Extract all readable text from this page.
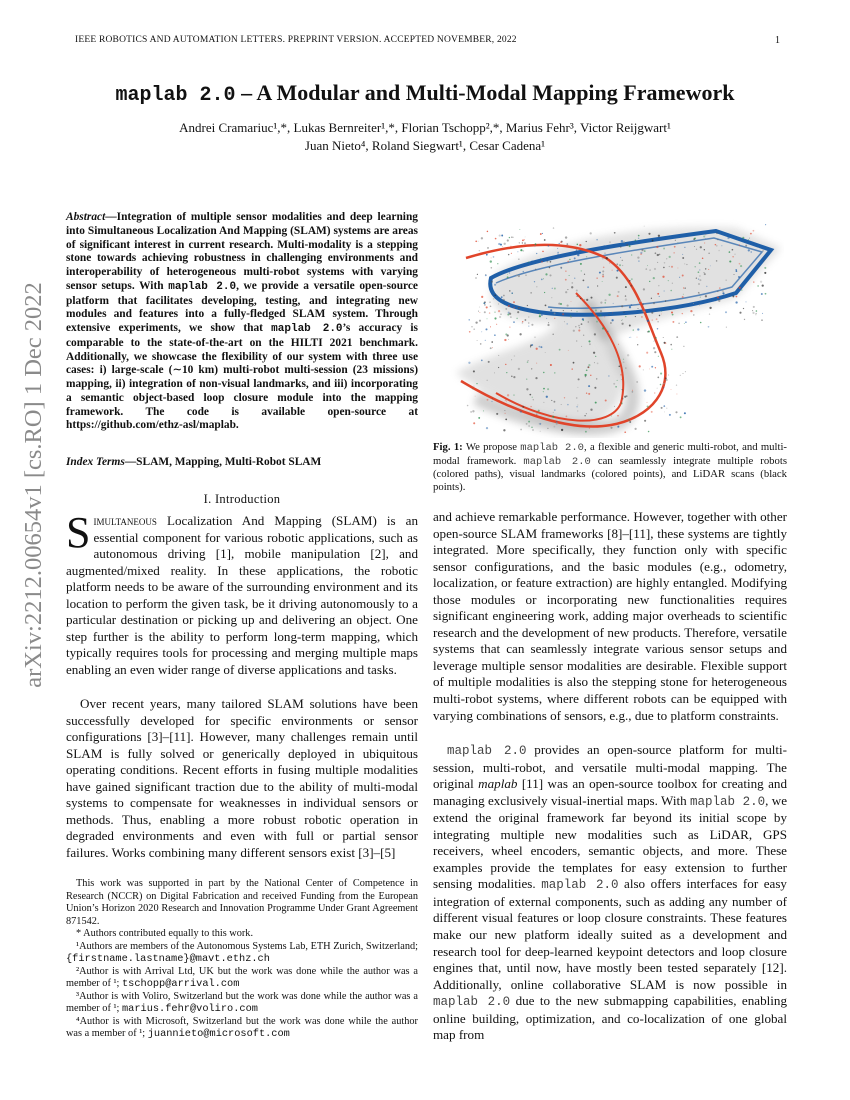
IEEE ROBOTICS AND AUTOMATION LETTERS. PREPRINT VERSION. ACCEPTED NOVEMBER, 2022	1
arXiv:2212.00654v1 [cs.RO] 1 Dec 2022
maplab 2.0 – A Modular and Multi-Modal Mapping Framework
Andrei Cramariuc¹,*, Lukas Bernreiter¹,*, Florian Tschopp²,*, Marius Fehr³, Victor Reijgwart¹
Juan Nieto⁴, Roland Siegwart¹, Cesar Cadena¹
Abstract—Integration of multiple sensor modalities and deep learning into Simultaneous Localization And Mapping (SLAM) systems are areas of significant interest in current research. Multi-modality is a stepping stone towards achieving robustness in challenging environments and interoperability of heterogeneous multi-robot systems with varying sensor setups. With maplab 2.0, we provide a versatile open-source platform that facilitates developing, testing, and integrating new modules and features into a fully-fledged SLAM system. Through extensive experiments, we show that maplab 2.0’s accuracy is comparable to the state-of-the-art on the HILTI 2021 benchmark. Additionally, we showcase the flexibility of our system with three use cases: i) large-scale (∼10 km) multi-robot multi-session (23 missions) mapping, ii) integration of non-visual landmarks, and iii) incorporating a semantic object-based loop closure module into the mapping framework. The code is available open-source at https://github.com/ethz-asl/maplab.
Index Terms—SLAM, Mapping, Multi-Robot SLAM
I. Introduction
Simultaneous Localization And Mapping (SLAM) is an essential component for various robotic applications, such as autonomous driving [1], mobile manipulation [2], and augmented/mixed reality. In these applications, the robotic platform needs to be aware of the surrounding environment and its location to perform the given task, be it driving autonomously to a particular destination or picking up and delivering an object. One step further is the ability to perform long-term mapping, which typically requires tools for processing and merging multiple maps enabling an even wider range of diverse applications and tasks.
Over recent years, many tailored SLAM solutions have been successfully developed for specific environments or sensor configurations [3]–[11]. However, many challenges remain until SLAM is fully solved or generically deployed in ubiquitous operating conditions. Recent efforts in fusing multiple modalities have gained significant traction due to the ability of multi-modal systems to compensate for weaknesses in individual sensors or methods. Thus, enabling a more robust robotic operation in degraded environments and even with full or partial sensor failures. Works combining many different sensors exist [3]–[5]

This work was supported in part by the National Center of Competence in Research (NCCR) on Digital Fabrication and received Funding from the European Union’s Horizon 2020 Research and Innovation Programme Under Grant Agreement 871542.

* Authors contributed equally to this work.

¹Authors are members of the Autonomous Systems Lab, ETH Zurich, Switzerland; {firstname.lastname}@mavt.ethz.ch

²Author is with Arrival Ltd, UK but the work was done while the author was a member of ¹; tschopp@arrival.com

³Author is with Voliro, Switzerland but the work was done while the author was a member of ¹; marius.fehr@voliro.com

⁴Author is with Microsoft, Switzerland but the work was done while the author was a member of ¹; juannieto@microsoft.com

Fig. 1: We propose maplab 2.0, a flexible and generic multi-robot, and multi-modal framework. maplab 2.0 can seamlessly integrate multiple robots (colored paths), visual landmarks (colored points), and LiDAR scans (black points).
and achieve remarkable performance. However, together with other open-source SLAM frameworks [8]–[11], these systems are tightly integrated. More specifically, they function only with specific sensor configurations, and the basic modules (e.g., odometry, localization, or feature extraction) are highly entangled. Modifying those modules or incorporating new functionalities requires significant engineering work, adding major overheads to scientific research and the development of new products. Therefore, versatile systems that can seamlessly integrate various sensor setups and leverage multiple sensor modalities are desirable. Flexible support of multiple modalities is also the stepping stone for heterogeneous multi-robot systems, where different robots can be equipped with varying combinations of sensors, e.g., due to platform constraints.
maplab 2.0 provides an open-source platform for multi-session, multi-robot, and versatile multi-modal mapping. The original maplab [11] was an open-source toolbox for creating and managing exclusively visual-inertial maps. With maplab 2.0, we extend the original framework far beyond its initial scope by integrating multiple new modalities such as LiDAR, GPS receivers, wheel encoders, semantic objects, and more. These examples provide the templates for easy extension to further sensing modalities. maplab 2.0 also offers interfaces for easy integration of external components, such as adding any number of different visual features or loop closure constraints. These features make our new platform ideally suited as a development and research tool for deep-learned keypoint detectors and loop closure engines that, until now, have mostly been tested separately [12]. Additionally, online collaborative SLAM is now possible in maplab 2.0 due to the new submapping capabilities, enabling online building, optimization, and co-localization of one global map from
